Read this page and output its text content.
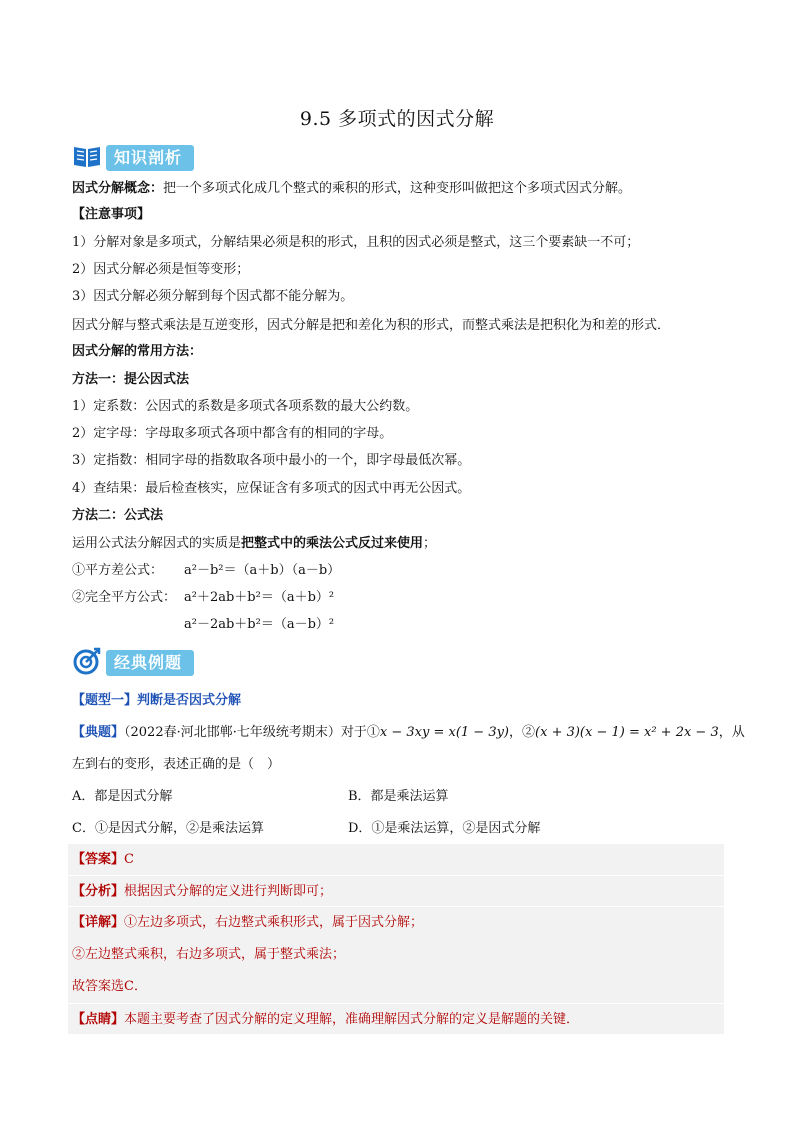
9.5 多项式的因式分解
知识剖析
因式分解概念：把一个多项式化成几个整式的乘积的形式，这种变形叫做把这个多项式因式分解。
【注意事项】
1）分解对象是多项式，分解结果必须是积的形式，且积的因式必须是整式，这三个要素缺一不可；
2）因式分解必须是恒等变形；
3）因式分解必须分解到每个因式都不能分解为。
因式分解与整式乘法是互逆变形，因式分解是把和差化为积的形式，而整式乘法是把积化为和差的形式．
因式分解的常用方法：
方法一：提公因式法
1）定系数：公因式的系数是多项式各项系数的最大公约数。
2）定字母：字母取多项式各项中都含有的相同的字母。
3）定指数：相同字母的指数取各项中最小的一个，即字母最低次幂。
4）查结果：最后检查核实，应保证含有多项式的因式中再无公因式。
方法二：公式法
运用公式法分解因式的实质是把整式中的乘法公式反过来使用；
①平方差公式： a²－b²＝（a＋b）（a－b）
②完全平方公式： a²＋2ab＋b²＝（a＋b）²
a²－2ab＋b²＝（a－b）²
经典例题
【题型一】判断是否因式分解
【典题】（2022春·河北邯郸·七年级统考期末）对于①x − 3xy = x(1 − 3y)，②(x + 3)(x − 1) = x² + 2x − 3，从
左到右的变形，表述正确的是（　）
A．都是因式分解	B．都是乘法运算
C．①是因式分解，②是乘法运算	D．①是乘法运算，②是因式分解
【答案】C
【分析】根据因式分解的定义进行判断即可；
【详解】①左边多项式，右边整式乘积形式，属于因式分解；
②左边整式乘积，右边多项式，属于整式乘法；
故答案选C．
【点睛】本题主要考查了因式分解的定义理解，准确理解因式分解的定义是解题的关键．
